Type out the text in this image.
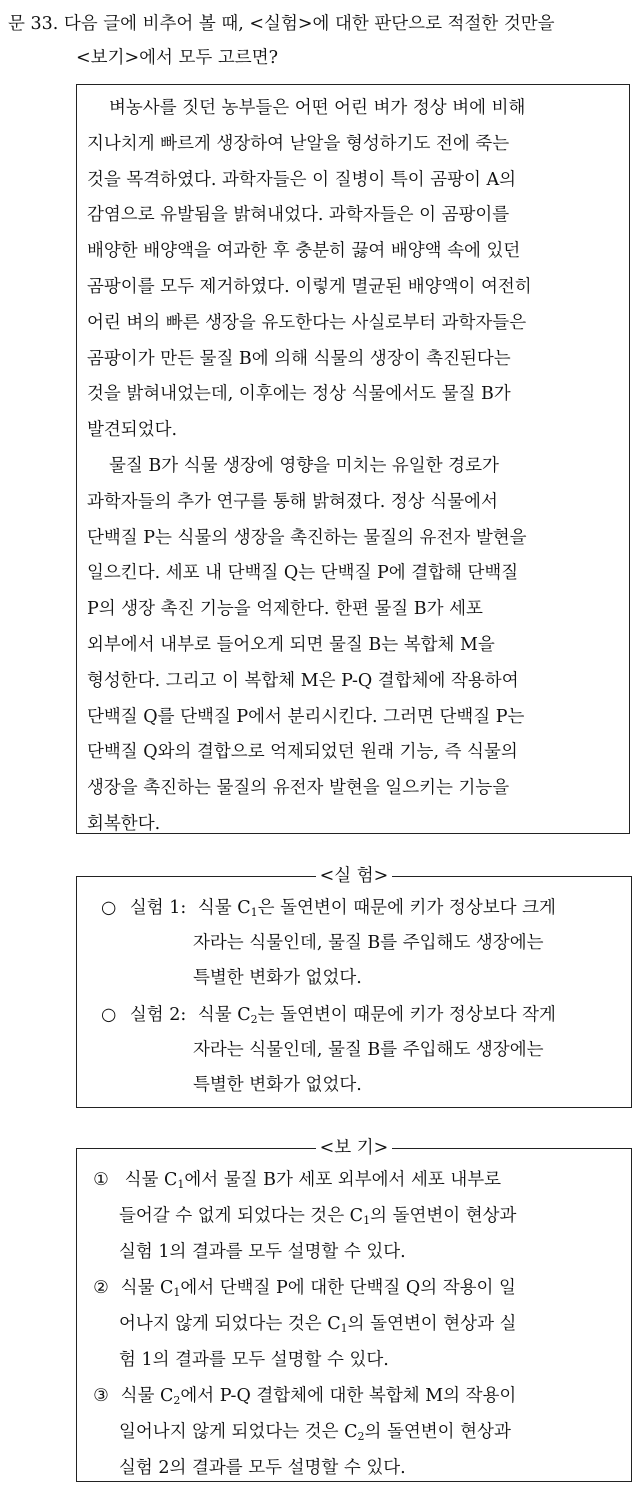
문 33. 다음 글에 비추어 볼 때, <실험>에 대한 판단으로 적절한 것만을
<보기>에서 모두 고르면?
벼농사를 짓던 농부들은 어떤 어린 벼가 정상 벼에 비해
지나치게 빠르게 생장하여 낟알을 형성하기도 전에 죽는
것을 목격하였다. 과학자들은 이 질병이 특이 곰팡이 A의
감염으로 유발됨을 밝혀내었다. 과학자들은 이 곰팡이를
배양한 배양액을 여과한 후 충분히 끓여 배양액 속에 있던
곰팡이를 모두 제거하였다. 이렇게 멸균된 배양액이 여전히
어린 벼의 빠른 생장을 유도한다는 사실로부터 과학자들은
곰팡이가 만든 물질 B에 의해 식물의 생장이 촉진된다는
것을 밝혀내었는데, 이후에는 정상 식물에서도 물질 B가
발견되었다.
물질 B가 식물 생장에 영향을 미치는 유일한 경로가
과학자들의 추가 연구를 통해 밝혀졌다. 정상 식물에서
단백질 P는 식물의 생장을 촉진하는 물질의 유전자 발현을
일으킨다. 세포 내 단백질 Q는 단백질 P에 결합해 단백질
P의 생장 촉진 기능을 억제한다. 한편 물질 B가 세포
외부에서 내부로 들어오게 되면 물질 B는 복합체 M을
형성한다. 그리고 이 복합체 M은 P-Q 결합체에 작용하여
단백질 Q를 단백질 P에서 분리시킨다. 그러면 단백질 P는
단백질 Q와의 결합으로 억제되었던 원래 기능, 즉 식물의
생장을 촉진하는 물질의 유전자 발현을 일으키는 기능을
회복한다.
<실 험>
○ 실험 1: 식물 $C_1$은 돌연변이 때문에 키가 정상보다 크게
자라는 식물인데, 물질 B를 주입해도 생장에는
특별한 변화가 없었다.
○ 실험 2: 식물 $C_2$는 돌연변이 때문에 키가 정상보다 작게
자라는 식물인데, 물질 B를 주입해도 생장에는
특별한 변화가 없었다.
<보 기>
① 식물 $C_1$에서 물질 B가 세포 외부에서 세포 내부로
들어갈 수 없게 되었다는 것은 $C_1$의 돌연변이 현상과
실험 1의 결과를 모두 설명할 수 있다.
② 식물 $C_1$에서 단백질 P에 대한 단백질 Q의 작용이 일
어나지 않게 되었다는 것은 $C_1$의 돌연변이 현상과 실
험 1의 결과를 모두 설명할 수 있다.
③ 식물 $C_2$에서 P-Q 결합체에 대한 복합체 M의 작용이
일어나지 않게 되었다는 것은 $C_2$의 돌연변이 현상과
실험 2의 결과를 모두 설명할 수 있다.
